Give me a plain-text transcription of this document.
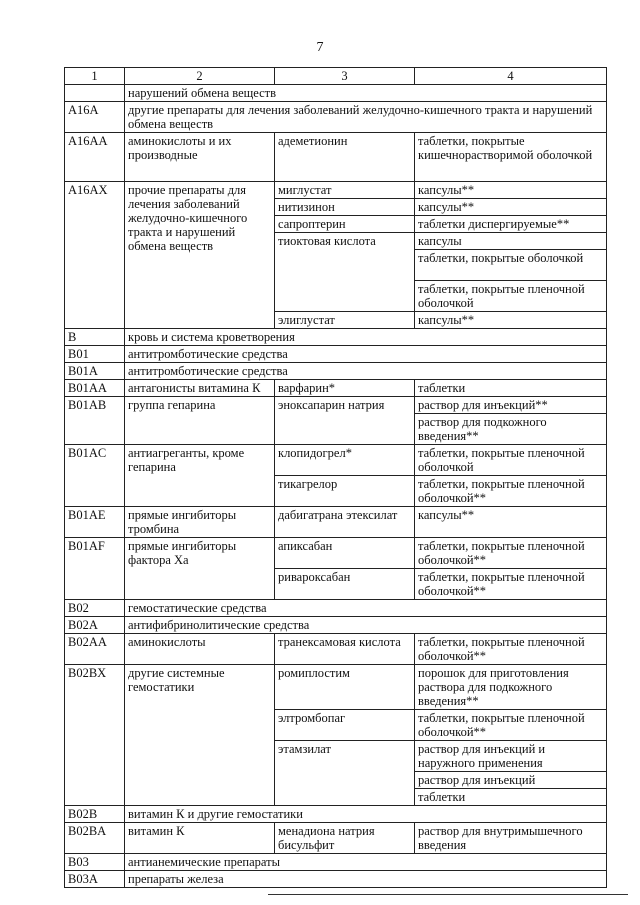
7
1	2	3	4
	нарушений обмена веществ		
A16A	другие препараты для лечения заболеваний желудочно-кишечного тракта и нарушений обмена веществ		
A16AA	аминокислоты и их производные	адеметионин	таблетки, покрытые кишечнорастворимой оболочкой
A16AX	прочие препараты для лечения заболеваний желудочно-кишечного тракта и нарушений обмена веществ	миглустат	капсулы**
		нитизинон	капсулы**
		сапроптерин	таблетки диспергируемые**
		тиоктовая кислота	капсулы
			таблетки, покрытые оболочкой
			таблетки, покрытые пленочной оболочкой
		элиглустат	капсулы**
B	кровь и система кроветворения		
B01	антитромботические средства		
B01A	антитромботические средства		
B01AA	антагонисты витамина К	варфарин*	таблетки
B01AB	группа гепарина	эноксапарин натрия	раствор для инъекций**
			раствор для подкожного введения**
B01AC	антиагреганты, кроме гепарина	клопидогрел*	таблетки, покрытые пленочной оболочкой
		тикагрелор	таблетки, покрытые пленочной оболочкой**
B01AE	прямые ингибиторы тромбина	дабигатрана этексилат	капсулы**
B01AF	прямые ингибиторы фактора Xa	апиксабан	таблетки, покрытые пленочной оболочкой**
		ривароксабан	таблетки, покрытые пленочной оболочкой**
B02	гемостатические средства		
B02A	антифибринолитические средства		
B02AA	аминокислоты	транексамовая кислота	таблетки, покрытые пленочной оболочкой**
B02BX	другие системные гемостатики	ромиплостим	порошок для приготовления раствора для подкожного введения**
		элтромбопаг	таблетки, покрытые пленочной оболочкой**
		этамзилат	раствор для инъекций и наружного применения
			раствор для инъекций
			таблетки
B02B	витамин К и другие гемостатики		
B02BA	витамин К	менадиона натрия бисульфит	раствор для внутримышечного введения
B03	антианемические препараты		
B03A	препараты железа		
